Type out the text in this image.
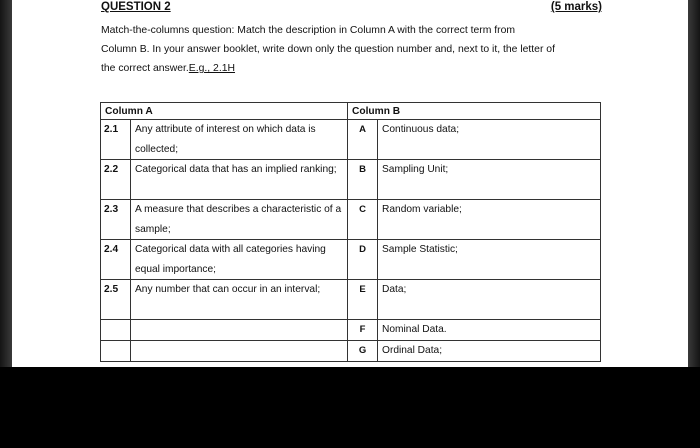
QUESTION 2	(5 marks)
Match-the-columns question: Match the description in Column A with the correct term from
Column B. In your answer booklet, write down only the question number and, next to it, the letter of
the correct answer.E.g., 2.1H
Column A		Column B	
2.1	Any attribute of interest on which data is collected;	A	Continuous data;
2.2	Categorical data that has an implied ranking;	B	Sampling Unit;
2.3	A measure that describes a characteristic of a sample;	C	Random variable;
2.4	Categorical data with all categories having equal importance;	D	Sample Statistic;
2.5	Any number that can occur in an interval;	E	Data;
		F	Nominal Data.
		G	Ordinal Data;
